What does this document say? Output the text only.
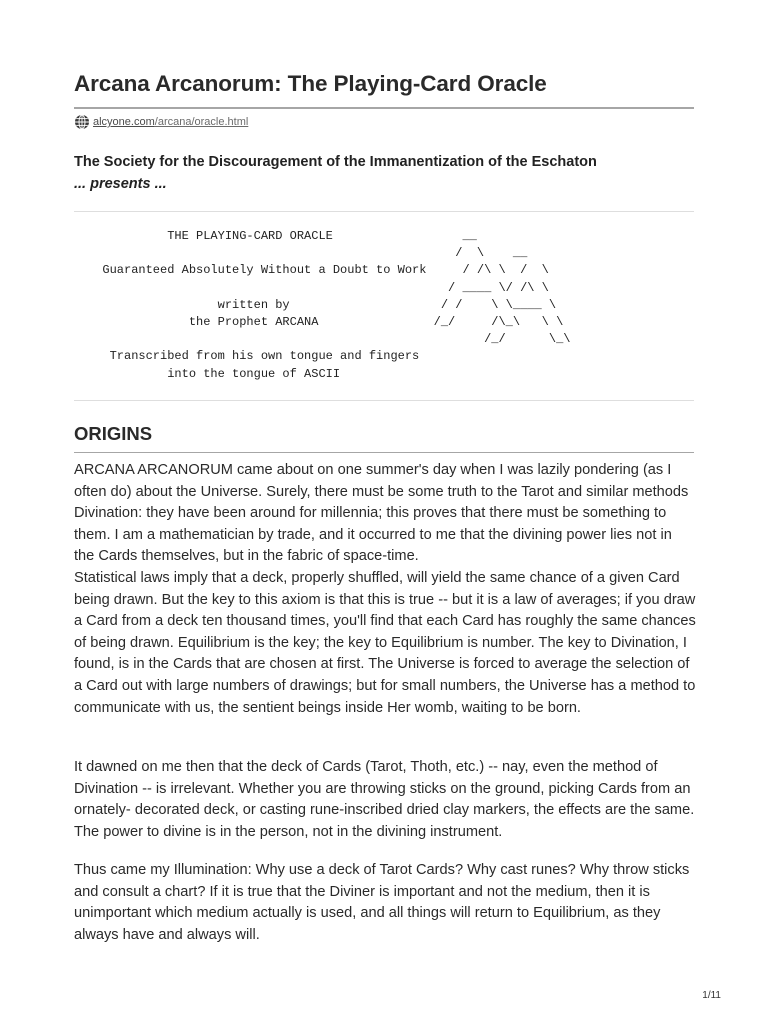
Arcana Arcanorum: The Playing-Card Oracle
alcyone.com /arcana/oracle.html
The Society for the Discouragement of the Immanentization of the Eschaton
... presents ...
THE PLAYING-CARD ORACLE                  __
/  \    __
Guaranteed Absolutely Without a Doubt to Work     / /\ \  /  \
/ ____ \/ /\ \
written by                     / /    \ \____ \
the Prophet ARCANA                /_/     /\_\   \ \
/_/      \_\
Transcribed from his own tongue and fingers
into the tongue of ASCII
ORIGINS

ARCANA ARCANORUM came about on one summer's day when I was lazily pondering (as I often do) about the Universe. Surely, there must be some truth to the Tarot and similar methods Divination: they have been around for millennia; this proves that there must be something to them. I am a mathematician by trade, and it occurred to me that the divining power lies not in the Cards themselves, but in the fabric of space-time.

Statistical laws imply that a deck, properly shuffled, will yield the same chance of a given Card being drawn. But the key to this axiom is that this is true -- but it is a law of averages; if you draw a Card from a deck ten thousand times, you'll find that each Card has roughly the same chances of being drawn. Equilibrium is the key; the key to Equilibrium is number. The key to Divination, I found, is in the Cards that are chosen at first. The Universe is forced to average the selection of a Card out with large numbers of drawings; but for small numbers, the Universe has a method to communicate with us, the sentient beings inside Her womb, waiting to be born.

It dawned on me then that the deck of Cards (Tarot, Thoth, etc.) -- nay, even the method of Divination -- is irrelevant. Whether you are throwing sticks on the ground, picking Cards from an ornately- decorated deck, or casting rune-inscribed dried clay markers, the effects are the same. The power to divine is in the person, not in the divining instrument.

Thus came my Illumination: Why use a deck of Tarot Cards? Why cast runes? Why throw sticks and consult a chart? If it is true that the Diviner is important and not the medium, then it is unimportant which medium actually is used, and all things will return to Equilibrium, as they always have and always will.

1/11
